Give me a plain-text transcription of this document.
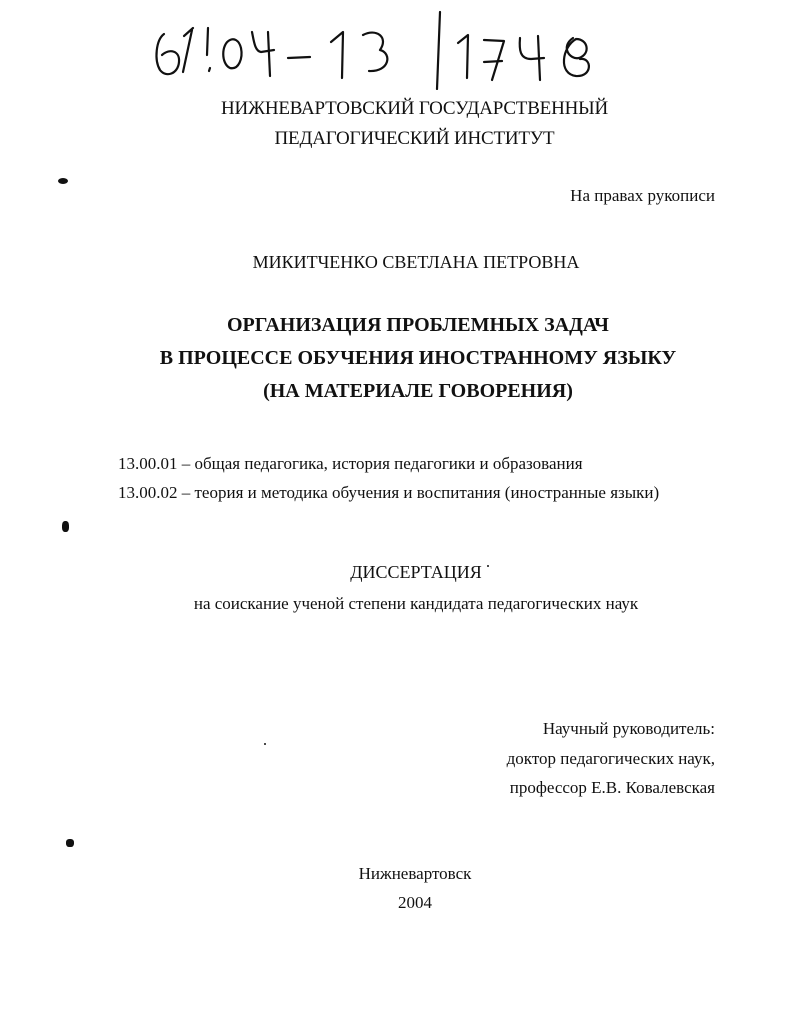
НИЖНЕВАРТОВСКИЙ ГОСУДАРСТВЕННЫЙ
ПЕДАГОГИЧЕСКИЙ ИНСТИТУТ
На правах рукописи
МИКИТЧЕНКО СВЕТЛАНА ПЕТРОВНА
ОРГАНИЗАЦИЯ ПРОБЛЕМНЫХ ЗАДАЧ
В ПРОЦЕССЕ ОБУЧЕНИЯ ИНОСТРАННОМУ ЯЗЫКУ
(НА МАТЕРИАЛЕ ГОВОРЕНИЯ)
13.00.01 – общая педагогика, история педагогики и образования
13.00.02 – теория и методика обучения и воспитания (иностранные языки)
ДИССЕРТАЦИЯ
на соискание ученой степени кандидата педагогических наук
Научный руководитель:
доктор педагогических наук,
профессор Е.В. Ковалевская
Нижневартовск
2004
